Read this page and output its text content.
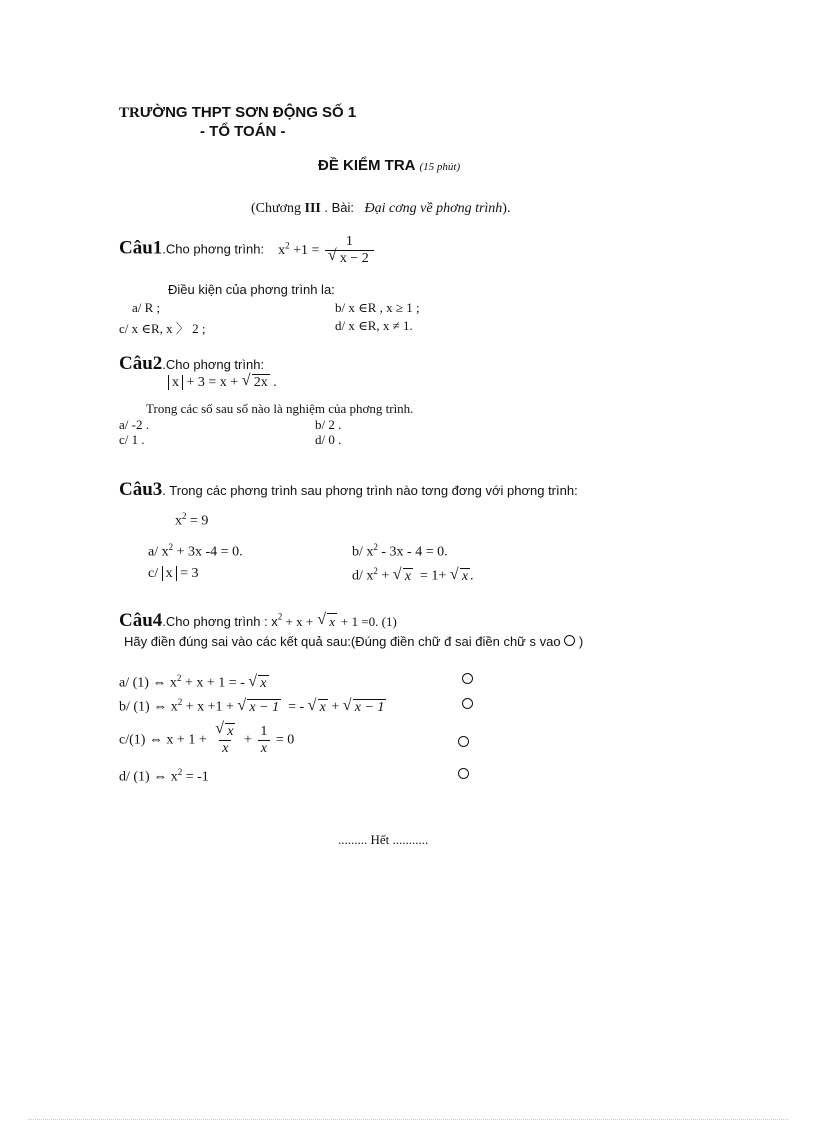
TRƯỜNG THPT SƠN ĐỘNG SỐ 1
- TỔ TOÁN -
ĐỀ KIỂM TRA (15 phút)
(Chương III . Bài: Đại cơng về phơng trình).
Câu1.Cho phơng trình: $x^2 +1 = \frac{1}{√ x - 2}$
Điều kiện của phơng trình la:
a/ R ;	b/ x ∈R , x ≥ 1 ;
c/ x ∈R, x 〉 2 ;	d/ x ∈R, x ≠ 1.
Câu2.Cho phơng trình:
x + 3 = x + √ 2x .
Trong các số sau số nào là nghiệm của phơng trình.
a/ -2 .	b/ 2 .
c/ 1 .	d/ 0 .
Câu3. Trong các phơng trình sau phơng trình nào tơng đơng với phơng trình:
$x^2 = 9$
a/ $x^2 + 3x$ -4 = 0.	b/ $x^2 - 3x - 4 = 0$.
c/ x = 3	d/ $x^2$ + √ x = 1+ √ x .
Câu4.Cho phơng trình : $x^2 + x$ + √ x + 1 =0. (1)
Hãy điền đúng sai vào các kết quả sau:(Đúng điền chữ đ sai điền chữ s vao )
a/ (1) ⇔ $x^2 + x + 1$ = - √ x
b/ (1) ⇔ $x^2 + x +1$ + √ x − 1 = - √ x + √ x − 1
c/(1) ⇔ $x + 1 + \frac{√ x}{x} + \frac{1}{x} = 0$
d/ (1) ⇔ $x^2 = -1$
......... Hết ...........
